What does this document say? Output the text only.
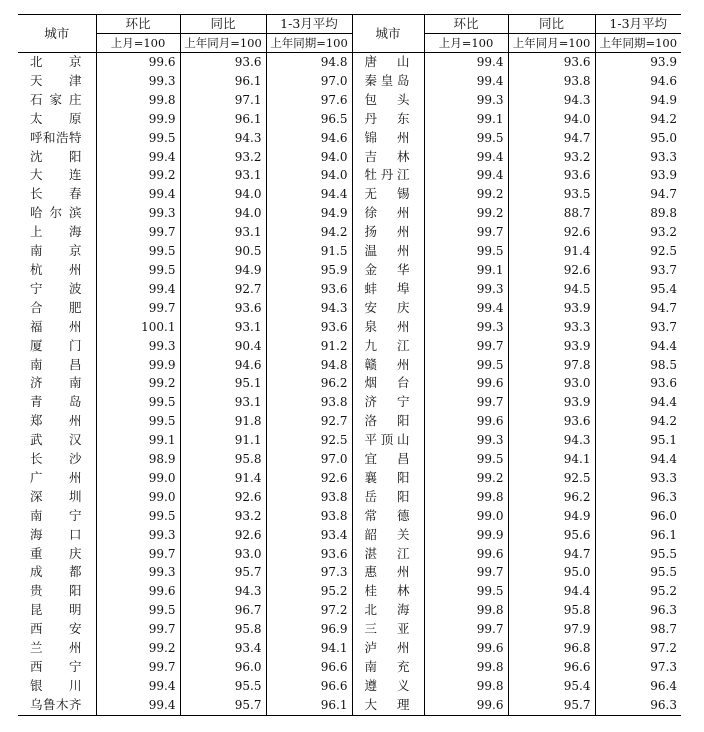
城市	环比	同比	1-3月平均	城市	环比	同比	1-3月平均
	上月=100	上年同月=100	上年同期=100		上月=100	上年同月=100	上年同期=100
北京	99.6	93.6	94.8	唐山	99.4	93.6	93.9
天津	99.3	96.1	97.0	秦皇岛	99.4	93.8	94.6
石家庄	99.8	97.1	97.6	包头	99.3	94.3	94.9
太原	99.9	96.1	96.5	丹东	99.1	94.0	94.2
呼和浩特	99.5	94.3	94.6	锦州	99.5	94.7	95.0
沈阳	99.4	93.2	94.0	吉林	99.4	93.2	93.3
大连	99.2	93.1	94.0	牡丹江	99.4	93.6	93.9
长春	99.4	94.0	94.4	无锡	99.2	93.5	94.7
哈尔滨	99.3	94.0	94.9	徐州	99.2	88.7	89.8
上海	99.7	93.1	94.2	扬州	99.7	92.6	93.2
南京	99.5	90.5	91.5	温州	99.5	91.4	92.5
杭州	99.5	94.9	95.9	金华	99.1	92.6	93.7
宁波	99.4	92.7	93.6	蚌埠	99.3	94.5	95.4
合肥	99.7	93.6	94.3	安庆	99.4	93.9	94.7
福州	100.1	93.1	93.6	泉州	99.3	93.3	93.7
厦门	99.3	90.4	91.2	九江	99.7	93.9	94.4
南昌	99.9	94.6	94.8	赣州	99.5	97.8	98.5
济南	99.2	95.1	96.2	烟台	99.6	93.0	93.6
青岛	99.5	93.1	93.8	济宁	99.7	93.9	94.4
郑州	99.5	91.8	92.7	洛阳	99.6	93.6	94.2
武汉	99.1	91.1	92.5	平顶山	99.3	94.3	95.1
长沙	98.9	95.8	97.0	宜昌	99.5	94.1	94.4
广州	99.0	91.4	92.6	襄阳	99.2	92.5	93.3
深圳	99.0	92.6	93.8	岳阳	99.8	96.2	96.3
南宁	99.5	93.2	93.8	常德	99.0	94.9	96.0
海口	99.3	92.6	93.4	韶关	99.9	95.6	96.1
重庆	99.7	93.0	93.6	湛江	99.6	94.7	95.5
成都	99.3	95.7	97.3	惠州	99.7	95.0	95.5
贵阳	99.6	94.3	95.2	桂林	99.5	94.4	95.2
昆明	99.5	96.7	97.2	北海	99.8	95.8	96.3
西安	99.7	95.8	96.9	三亚	99.7	97.9	98.7
兰州	99.2	93.4	94.1	泸州	99.6	96.8	97.2
西宁	99.7	96.0	96.6	南充	99.8	96.6	97.3
银川	99.4	95.5	96.6	遵义	99.8	95.4	96.4
乌鲁木齐	99.4	95.7	96.1	大理	99.6	95.7	96.3
